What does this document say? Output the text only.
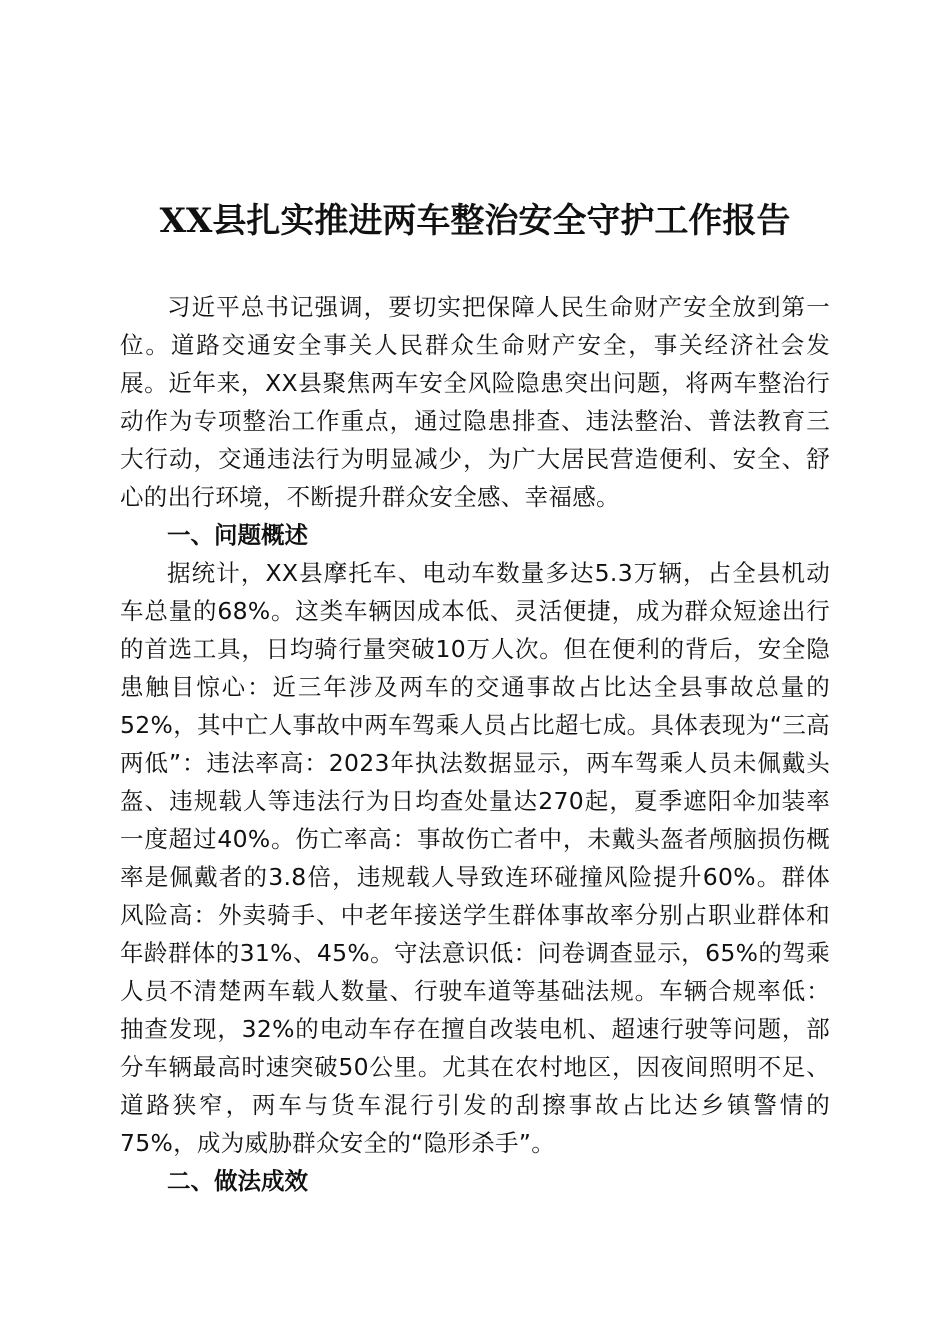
XX县扎实推进两车整治安全守护工作报告

习近平总书记强调，要切实把保障人民生命财产安全放到第一位。道路交通安全事关人民群众生命财产安全，事关经济社会发展。近年来，XX县聚焦两车安全风险隐患突出问题，将两车整治行动作为专项整治工作重点，通过隐患排查、违法整治、普法教育三大行动，交通违法行为明显减少，为广大居民营造便利、安全、舒心的出行环境，不断提升群众安全感、幸福感。

一、问题概述

据统计，XX县摩托车、电动车数量多达5.3万辆，占全县机动车总量的68%。这类车辆因成本低、灵活便捷，成为群众短途出行的首选工具，日均骑行量突破10万人次。但在便利的背后，安全隐患触目惊心：近三年涉及两车的交通事故占比达全县事故总量的52%，其中亡人事故中两车驾乘人员占比超七成。具体表现为“三高两低”：违法率高：2023年执法数据显示，两车驾乘人员未佩戴头盔、违规载人等违法行为日均查处量达270起，夏季遮阳伞加装率一度超过40%。伤亡率高：事故伤亡者中，未戴头盔者颅脑损伤概率是佩戴者的3.8倍，违规载人导致连环碰撞风险提升60%。群体风险高：外卖骑手、中老年接送学生群体事故率分别占职业群体和年龄群体的31%、45%。守法意识低：问卷调查显示，65%的驾乘人员不清楚两车载人数量、行驶车道等基础法规。车辆合规率低：抽查发现，32%的电动车存在擅自改装电机、超速行驶等问题，部分车辆最高时速突破50公里。尤其在农村地区，因夜间照明不足、道路狭窄，两车与货车混行引发的刮擦事故占比达乡镇警情的75%，成为威胁群众安全的“隐形杀手”。

二、做法成效
